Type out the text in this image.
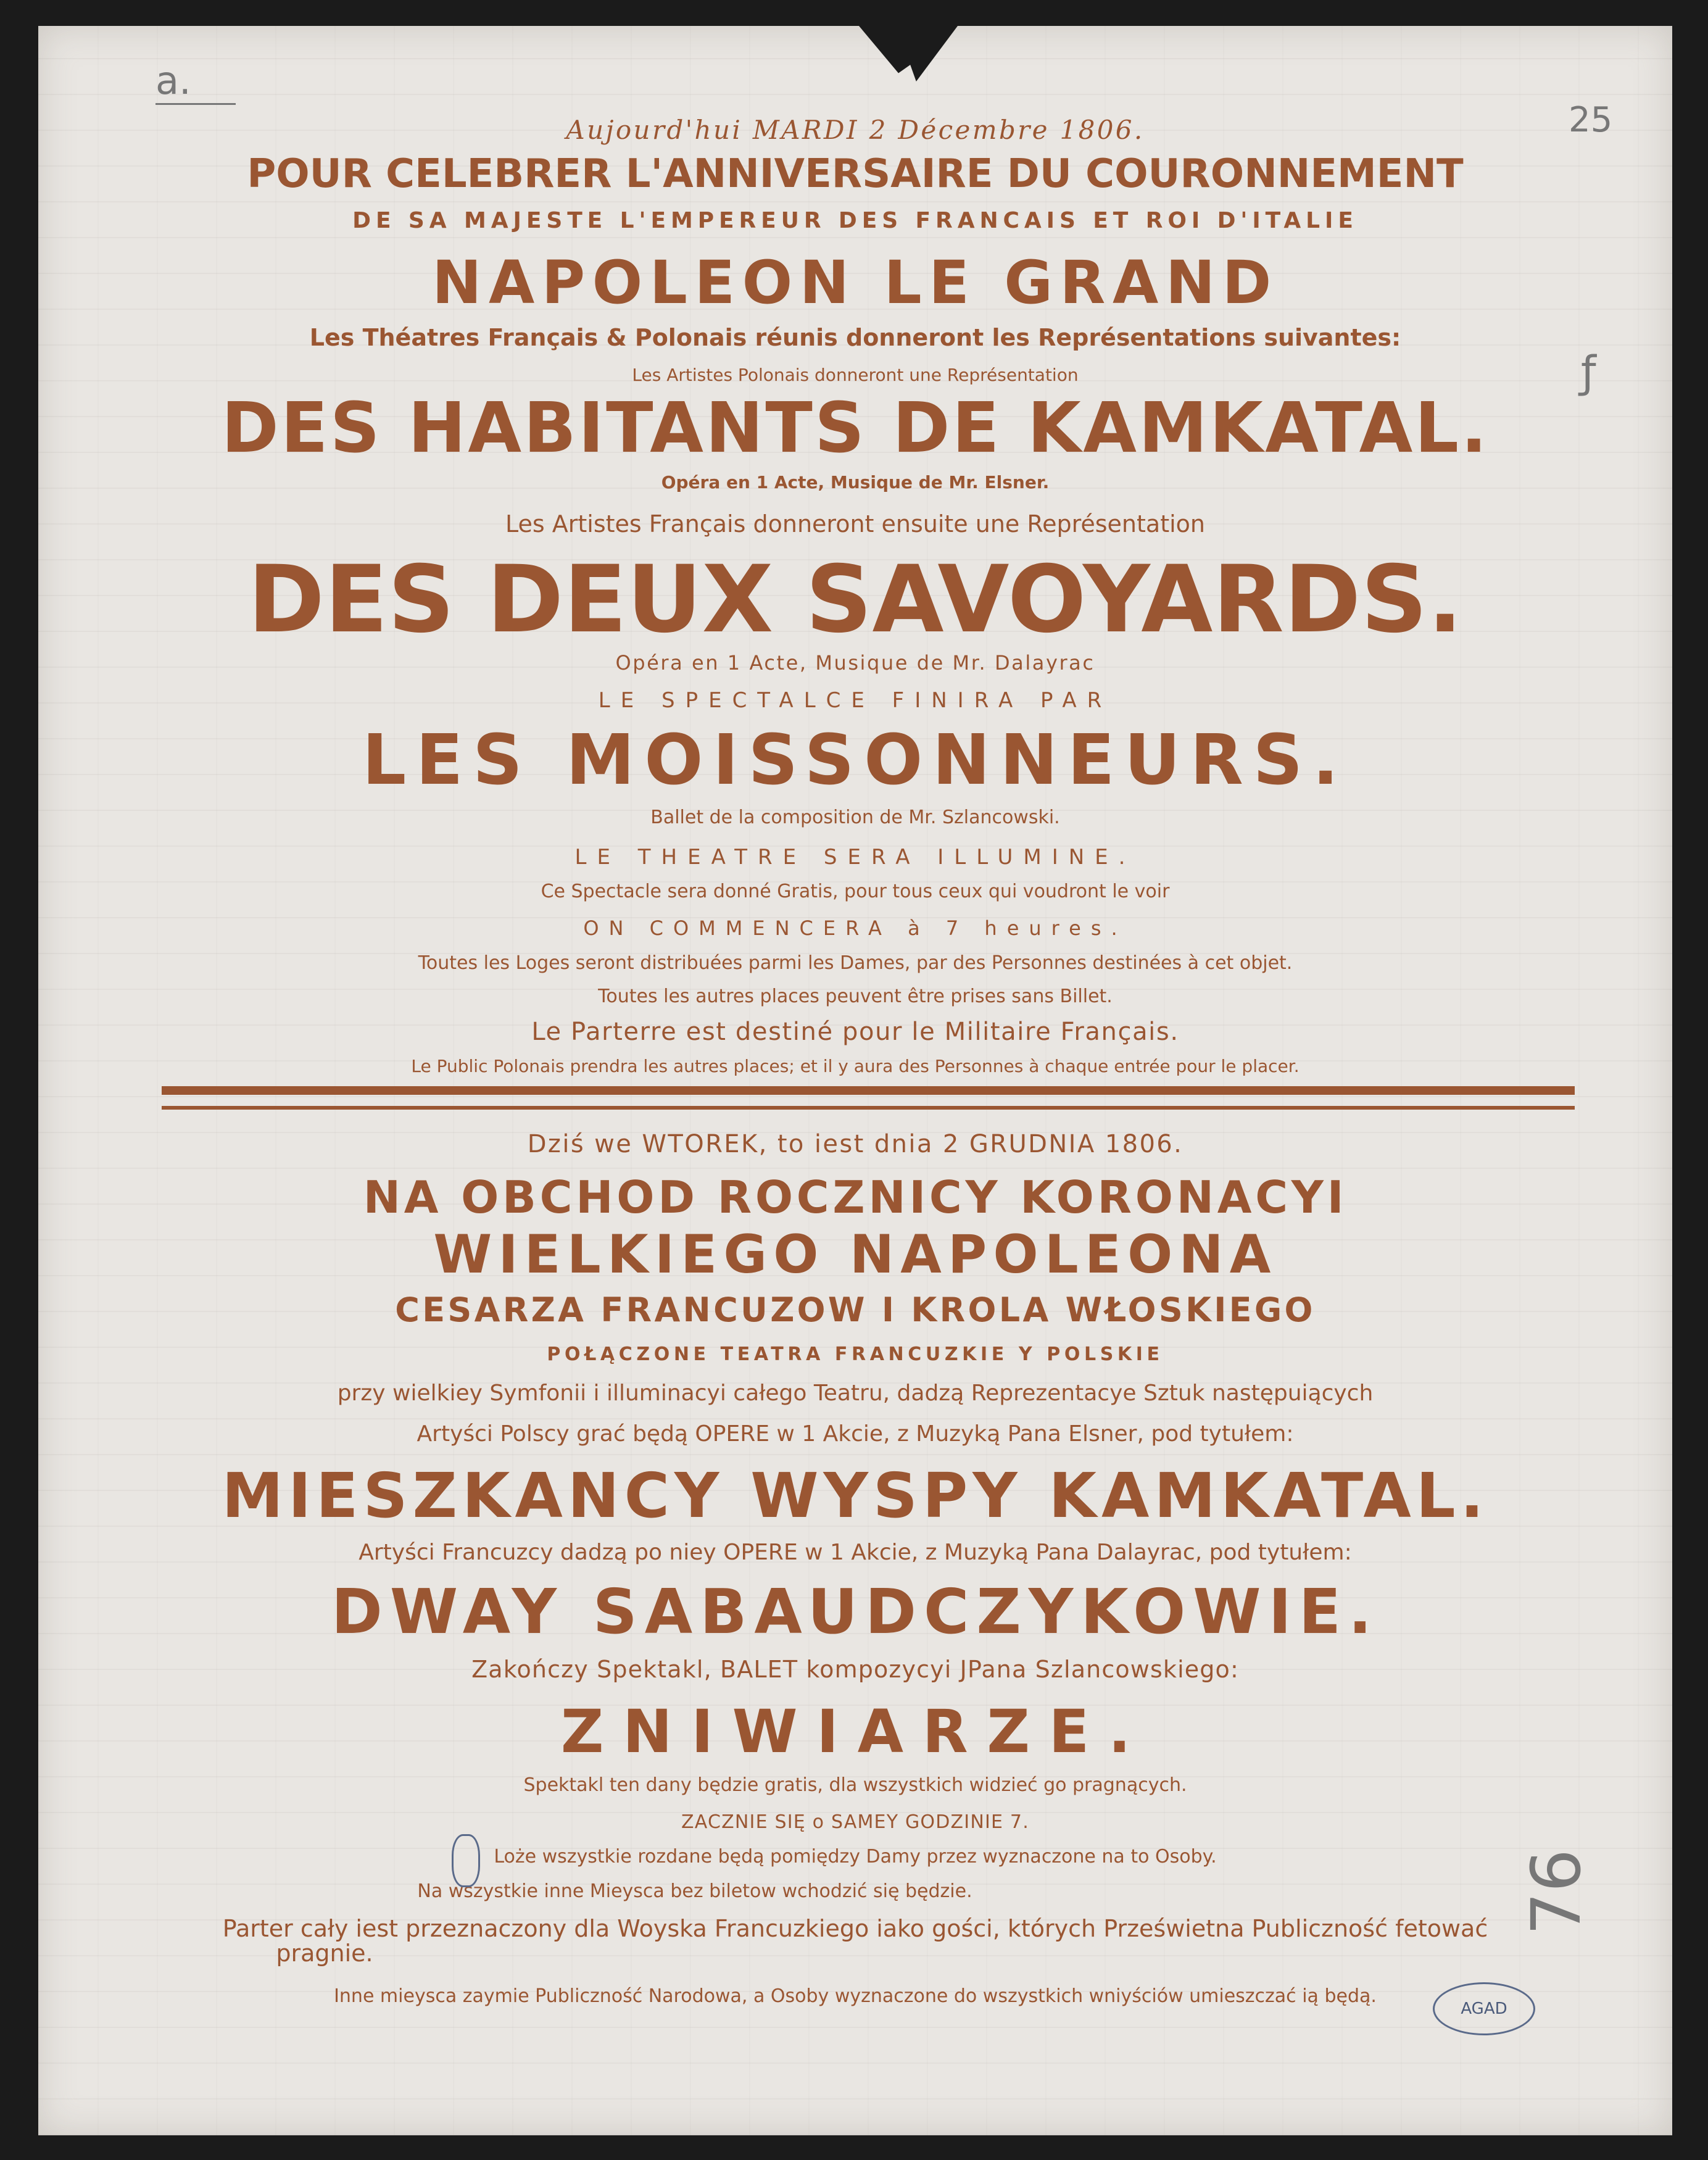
a.
25
ƒ
76

Aujourd'hui MARDI 2 Décembre 1806.

POUR CELEBRER L'ANNIVERSAIRE DU COURONNEMENT

DE SA MAJESTE L'EMPEREUR DES FRANCAIS ET ROI D'ITALIE

NAPOLEON LE GRAND

Les Théatres Français & Polonais réunis donneront les Représentations suivantes:

Les Artistes Polonais donneront une Représentation

DES HABITANTS DE KAMKATAL.

Opéra en 1 Acte, Musique de Mr. Elsner.

Les Artistes Français donneront ensuite une Représentation

DES DEUX SAVOYARDS.

Opéra en 1 Acte, Musique de Mr. Dalayrac

LE SPECTALCE FINIRA PAR

LES MOISSONNEURS.

Ballet de la composition de Mr. Szlancowski.

LE THEATRE SERA ILLUMINE.

Ce Spectacle sera donné Gratis, pour tous ceux qui voudront le voir

ON COMMENCERA à 7 heures.

Toutes les Loges seront distribuées parmi les Dames, par des Personnes destinées à cet objet.

Toutes les autres places peuvent être prises sans Billet.

Le Parterre est destiné pour le Militaire Français.

Le Public Polonais prendra les autres places; et il y aura des Personnes à chaque entrée pour le placer.

Dziś we WTOREK, to iest dnia 2 GRUDNIA 1806.

NA OBCHOD ROCZNICY KORONACYI

WIELKIEGO NAPOLEONA

CESARZA FRANCUZOW I KROLA WŁOSKIEGO

POŁĄCZONE TEATRA FRANCUZKIE Y POLSKIE

przy wielkiey Symfonii i illuminacyi całego Teatru, dadzą Reprezentacye Sztuk następuiących

Artyści Polscy grać będą OPERE w 1 Akcie, z Muzyką Pana Elsner, pod tytułem:

MIESZKANCY WYSPY KAMKATAL.

Artyści Francuzcy dadzą po niey OPERE w 1 Akcie, z Muzyką Pana Dalayrac, pod tytułem:

DWAY SABAUDCZYKOWIE.

Zakończy Spektakl, BALET kompozycyi JPana Szlancowskiego:

ZNIWIARZE.

Spektakl ten dany będzie gratis, dla wszystkich widzieć go pragnących.

ZACZNIE SIĘ o SAMEY GODZINIE 7.

Loże wszystkie rozdane będą pomiędzy Damy przez wyznaczone na to Osoby.

Na wszystkie inne Mieysca bez biletow wchodzić się będzie.

Parter cały iest przeznaczony dla Woyska Francuzkiego iako gości, których Prześwietna Publiczność fetować

pragnie.

Inne mieysca zaymie Publiczność Narodowa, a Osoby wyznaczone do wszystkich wniyściów umieszczać ią będą.

AGAD
